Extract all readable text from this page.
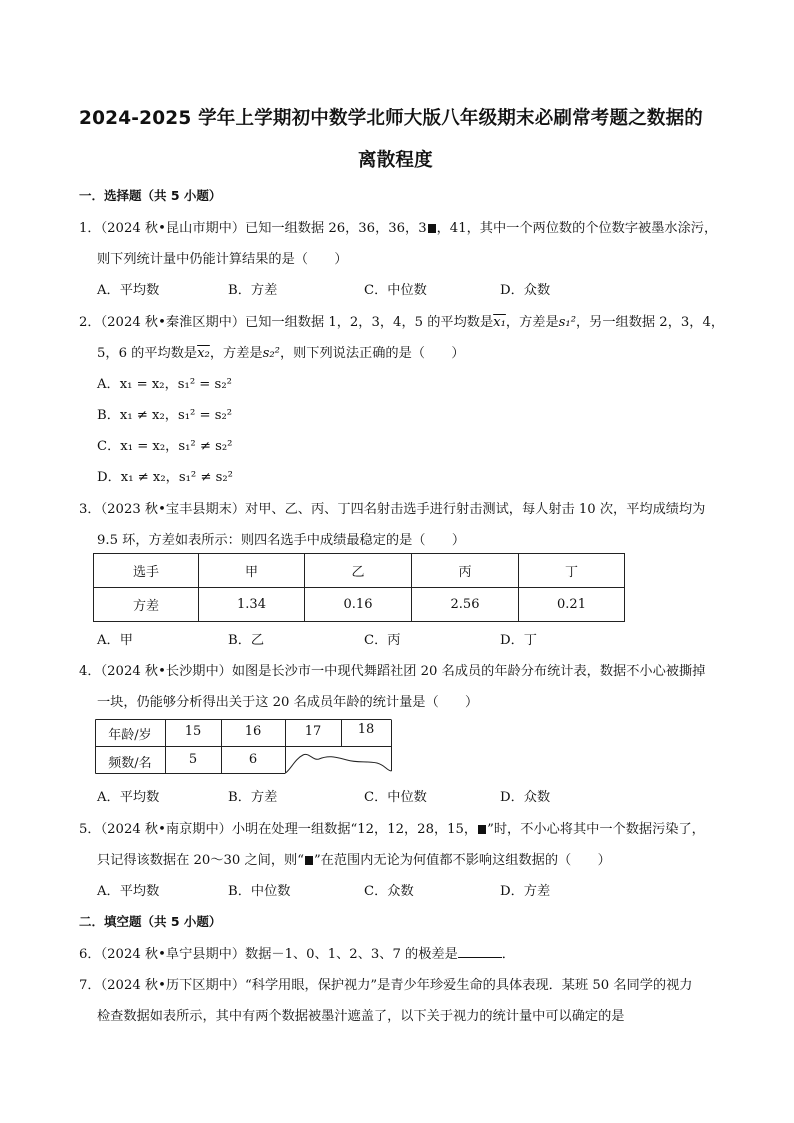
2024-2025 学年上学期初中数学北师大版八年级期末必刷常考题之数据的
离散程度
一．选择题（共 5 小题）
1．（2024 秋•昆山市期中）已知一组数据 26，36，36，3 ，41，其中一个两位数的个位数字被墨水涂污，
则下列统计量中仍能计算结果的是（　　）
A．平均数	B．方差	C．中位数	D．众数
2．（2024 秋•秦淮区期中）已知一组数据 1，2，3，4，5 的平均数是x₁，方差是s₁²，另一组数据 2，3，4，
5，6 的平均数是x₂，方差是s₂²，则下列说法正确的是（　　）
A．x₁ = x₂，s₁² = s₂²
B．x₁ ≠ x₂，s₁² = s₂²
C．x₁ = x₂，s₁² ≠ s₂²
D．x₁ ≠ x₂，s₁² ≠ s₂²
3．（2023 秋•宝丰县期末）对甲、乙、丙、丁四名射击选手进行射击测试，每人射击 10 次，平均成绩均为
9.5 环，方差如表所示：则四名选手中成绩最稳定的是（　　）
选手	甲	乙	丙	丁
方差	1.34	0.16	2.56	0.21
A．甲	B．乙	C．丙	D．丁
4．（2024 秋•长沙期中）如图是长沙市一中现代舞蹈社团 20 名成员的年龄分布统计表，数据不小心被撕掉
一块，仍能够分析得出关于这 20 名成员年龄的统计量是（　　）
年龄/岁	15	16	17	18
频数/名	5	6
A．平均数	B．方差	C．中位数	D．众数
5．（2024 秋•南京期中）小明在处理一组数据“12，12，28，15， ”时，不小心将其中一个数据污染了，
只记得该数据在 20～30 之间，则“ ”在范围内无论为何值都不影响这组数据的（　　）
A．平均数	B．中位数	C．众数	D．方差
二．填空题（共 5 小题）
6．（2024 秋•阜宁县期中）数据－1、0、1、2、3、7 的极差是	．
7．（2024 秋•历下区期中）“科学用眼，保护视力”是青少年珍爱生命的具体表现．某班 50 名同学的视力
检查数据如表所示，其中有两个数据被墨汁遮盖了，以下关于视力的统计量中可以确定的是
